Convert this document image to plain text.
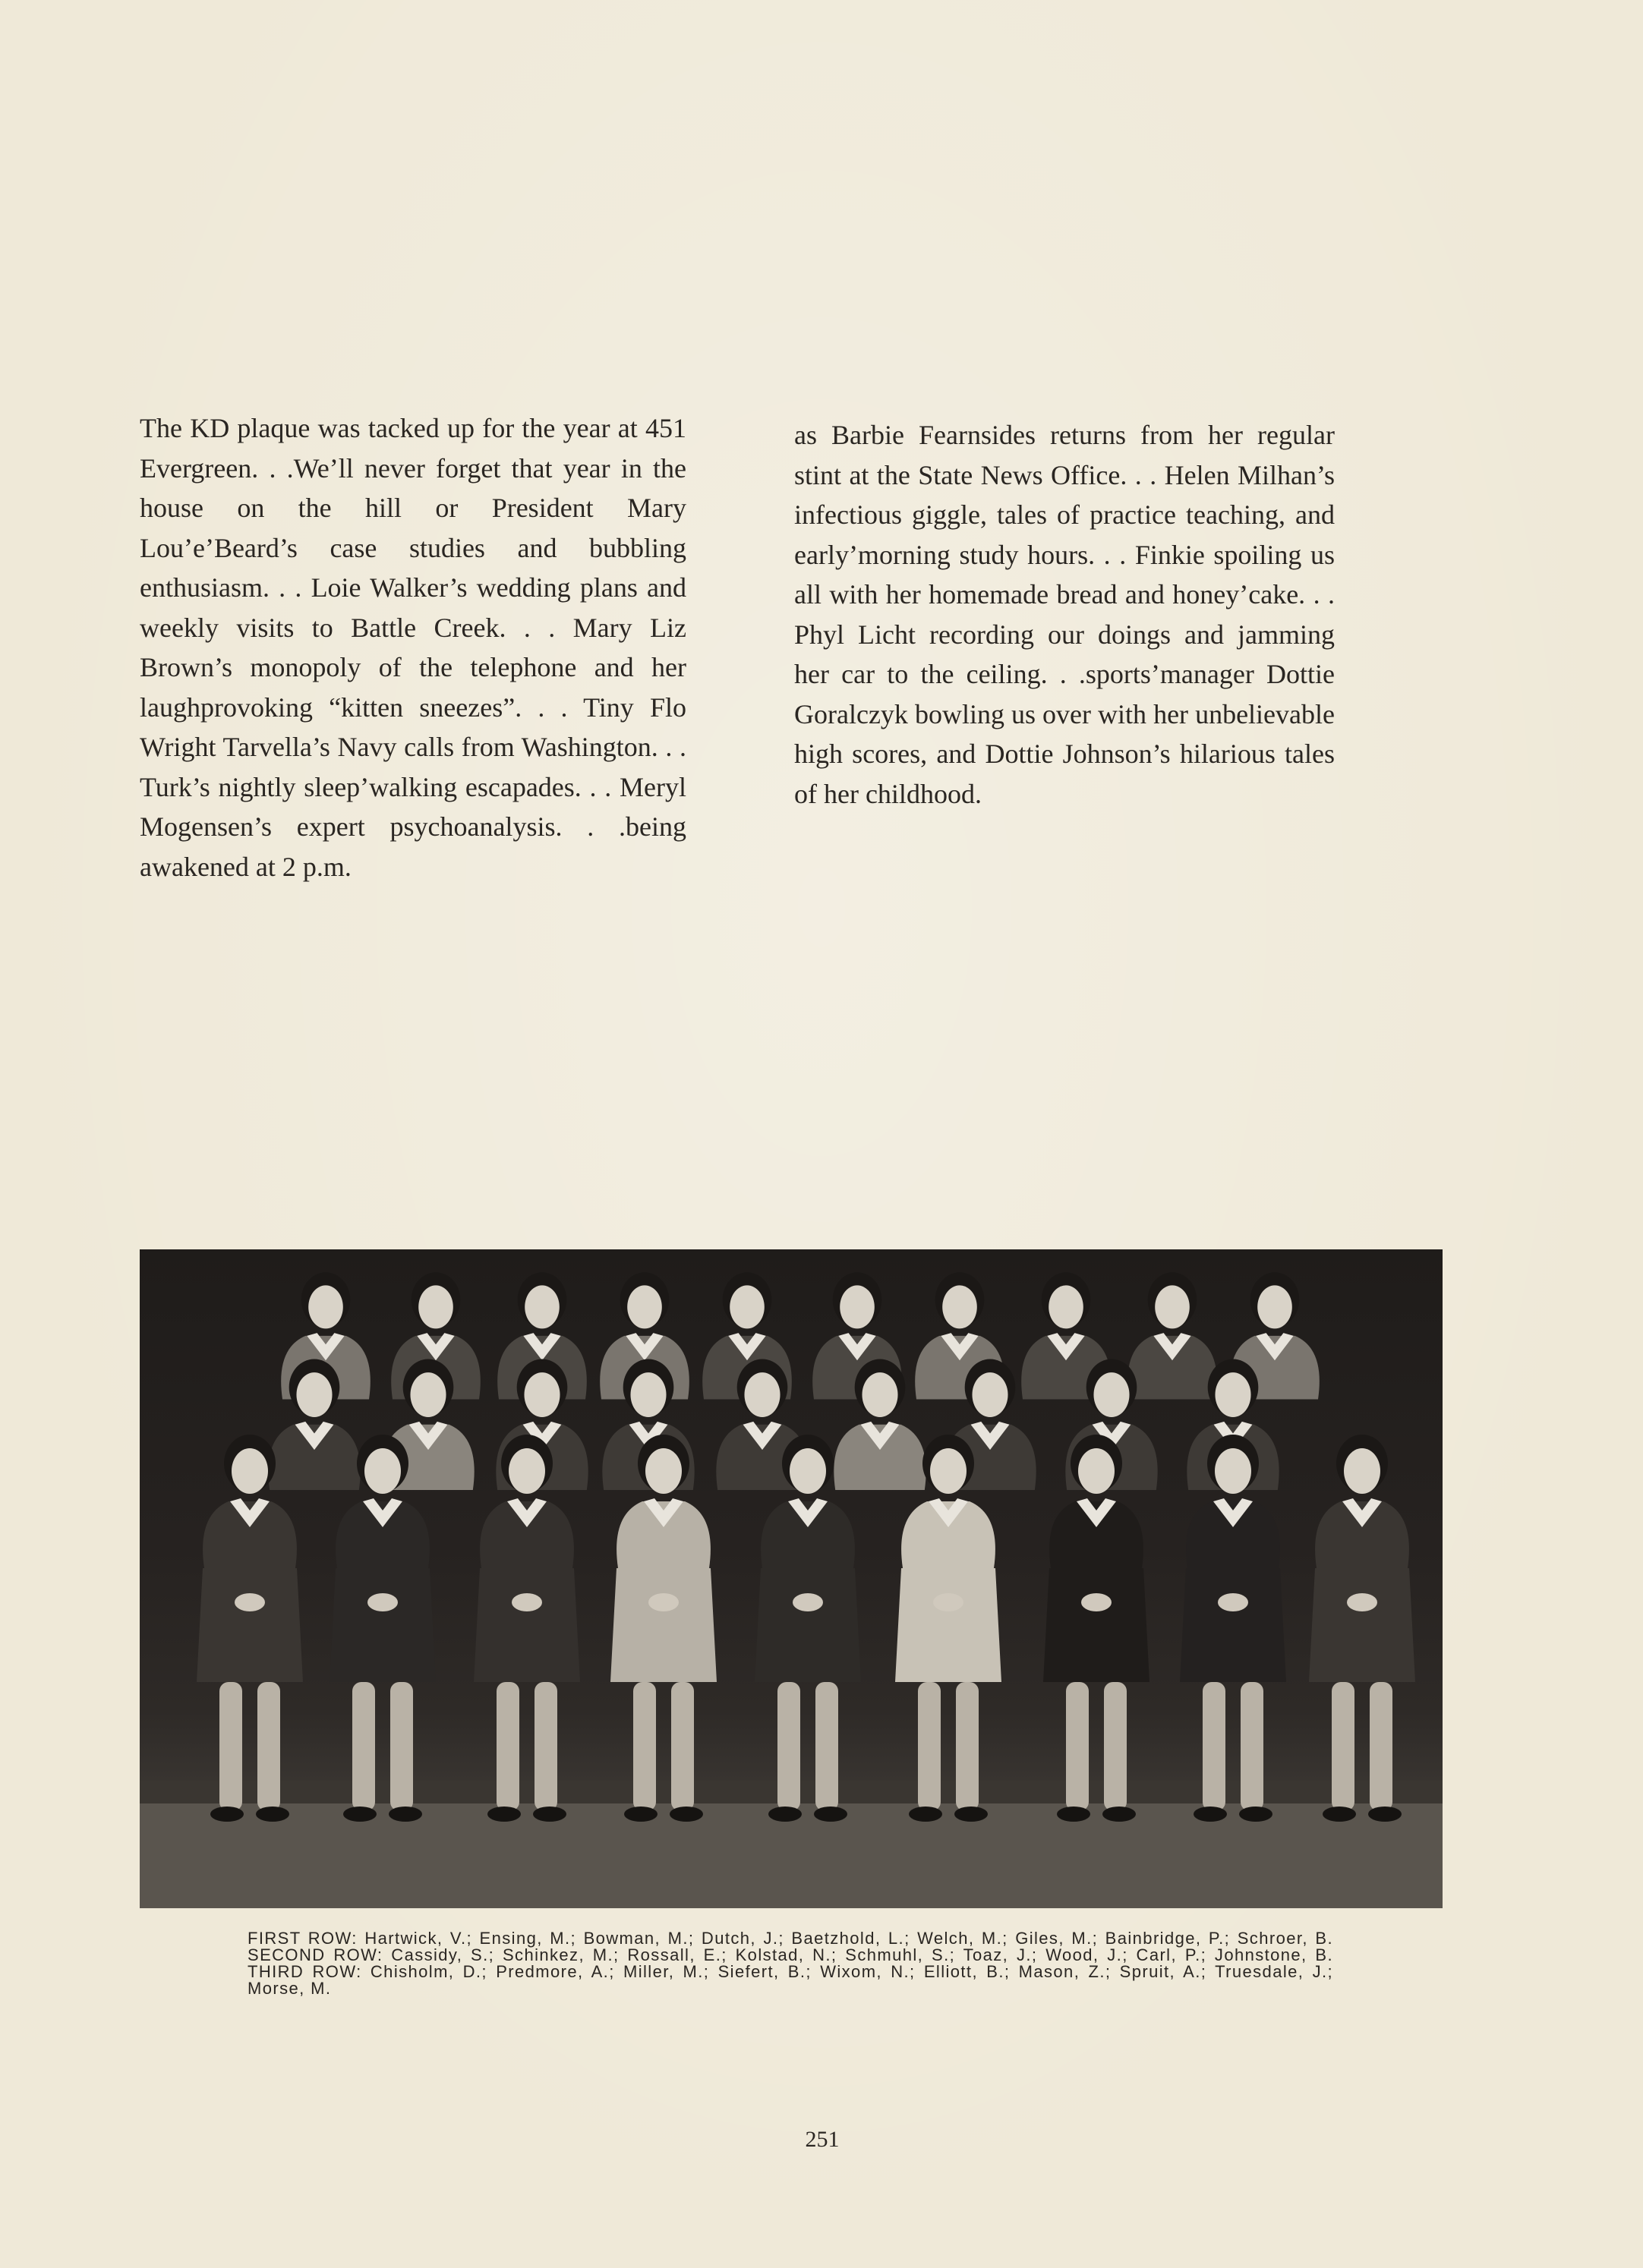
The KD plaque was tacked up for the year at 451 Evergreen. . .We’ll never forget that year in the house on the hill or President Mary Lou’e’Beard’s case studies and bubbling enthusiasm. . . Loie Walker’s wedding plans and weekly visits to Battle Creek. . . Mary Liz Brown’s monopoly of the telephone and her laughprovoking “kitten sneezes”. . . Tiny Flo Wright Tarvella’s Navy calls from Washington. . . Turk’s nightly sleep’walking escapades. . . Meryl Mogensen’s expert psychoanalysis. . .being awakened at 2 p.m.

as Barbie Fearnsides returns from her regular stint at the State News Office. . . Helen Milhan’s infectious giggle, tales of practice teaching, and early’morning study hours. . . Finkie spoiling us all with her homemade bread and honey’cake. . . Phyl Licht recording our doings and jamming her car to the ceiling. . .sports’manager Dottie Goralczyk bowling us over with her unbelievable high scores, and Dottie Johnson’s hilarious tales of her childhood.

FIRST ROW: Hartwick, V.; Ensing, M.; Bowman, M.; Dutch, J.; Baetzhold, L.; Welch, M.; Giles, M.; Bainbridge, P.; Schroer, B. SECOND ROW: Cassidy, S.; Schinkez, M.; Rossall, E.; Kolstad, N.; Schmuhl, S.; Toaz, J.; Wood, J.; Carl, P.; Johnstone, B. THIRD ROW: Chisholm, D.; Predmore, A.; Miller, M.; Siefert, B.; Wixom, N.; Elliott, B.; Mason, Z.; Spruit, A.; Truesdale, J.; Morse, M.

251
